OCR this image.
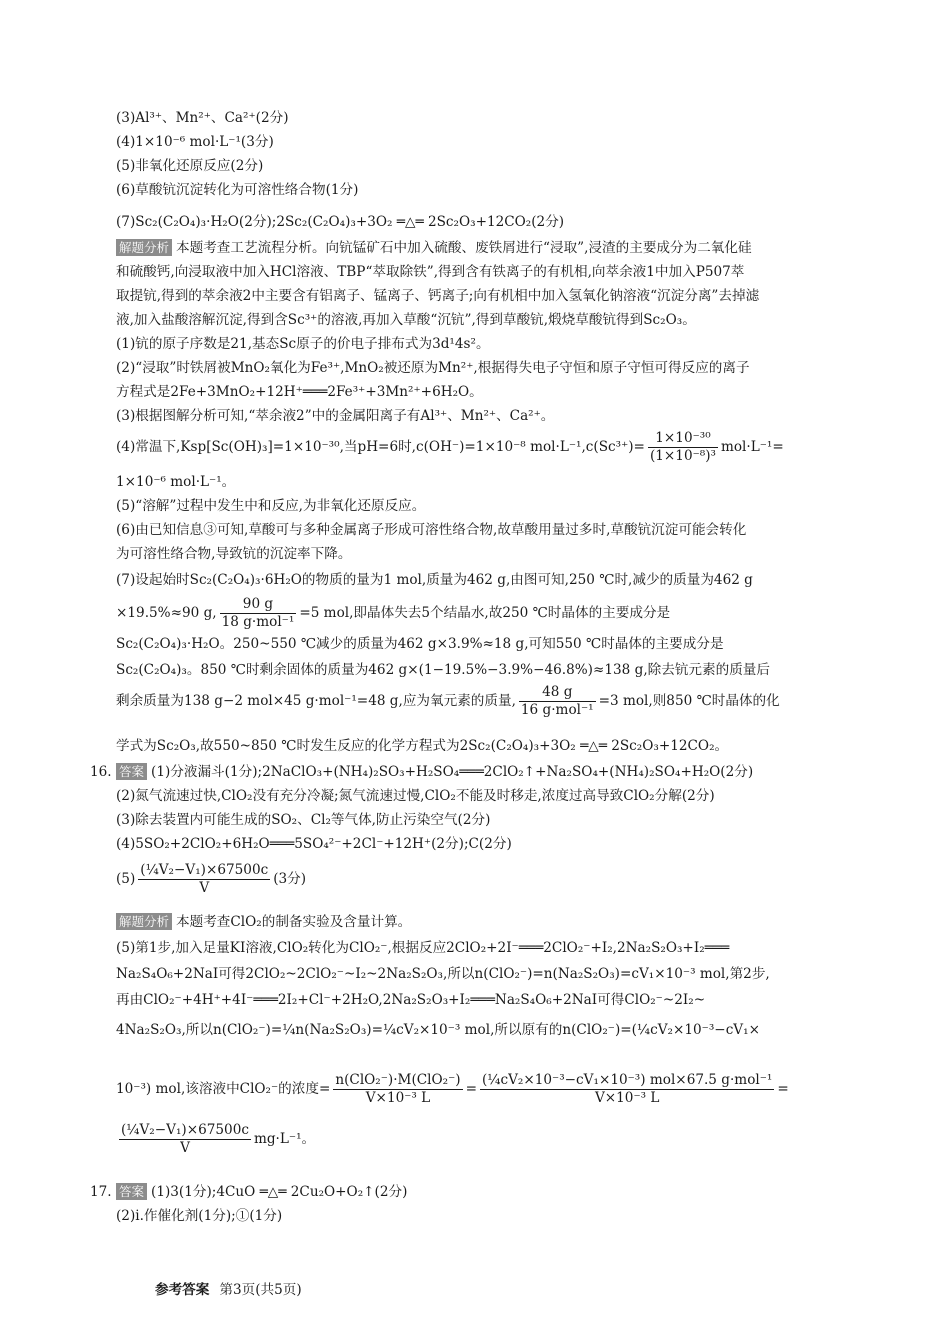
(3)Al³⁺、Mn²⁺、Ca²⁺(2分)
(4)1×10⁻⁶ mol·L⁻¹(3分)
(5)非氧化还原反应(2分)
(6)草酸钪沉淀转化为可溶性络合物(1分)
(7)Sc₂(C₂O₄)₃·H₂O(2分);2Sc₂(C₂O₄)₃+3O₂ ═△═ 2Sc₂O₃+12CO₂(2分)
解题分析 本题考查工艺流程分析。向钪锰矿石中加入硫酸、废铁屑进行“浸取”,浸渣的主要成分为二氧化硅
和硫酸钙,向浸取液中加入HCl溶液、TBP“萃取除铁”,得到含有铁离子的有机相,向萃余液1中加入P507萃
取提钪,得到的萃余液2中主要含有铝离子、锰离子、钙离子;向有机相中加入氢氧化钠溶液“沉淀分离”去掉滤
液,加入盐酸溶解沉淀,得到含Sc³⁺的溶液,再加入草酸“沉钪”,得到草酸钪,煅烧草酸钪得到Sc₂O₃。
(1)钪的原子序数是21,基态Sc原子的价电子排布式为3d¹4s²。
(2)“浸取”时铁屑被MnO₂氧化为Fe³⁺,MnO₂被还原为Mn²⁺,根据得失电子守恒和原子守恒可得反应的离子
方程式是2Fe+3MnO₂+12H⁺═══2Fe³⁺+3Mn²⁺+6H₂O。
(3)根据图解分析可知,“萃余液2”中的金属阳离子有Al³⁺、Mn²⁺、Ca²⁺。
(4)常温下,Ksp[Sc(OH)₃]=1×10⁻³⁰,当pH=6时,c(OH⁻)=1×10⁻⁸ $mol\cdot L^{-1},c(Sc^{3+})= \frac{\text{1×10⁻³⁰}}{\text{(1×10⁻⁸)³}} mol\cdot L^{-1}=$
1×10⁻⁶ mol·L⁻¹。
(5)“溶解”过程中发生中和反应,为非氧化还原反应。
(6)由已知信息③可知,草酸可与多种金属离子形成可溶性络合物,故草酸用量过多时,草酸钪沉淀可能会转化
为可溶性络合物,导致钪的沉淀率下降。
(7)设起始时Sc₂(C₂O₄)₃·6H₂O的物质的量为1 mol,质量为462 g,由图可知,250 ℃时,减少的质量为462 g
×19.5%≈90 g, $\frac{90 g}{\text{18 g·mol⁻¹}} =5$ mol,即晶体失去5个结晶水,故250 ℃时晶体的主要成分是
Sc₂(C₂O₄)₃·H₂O。250~550 ℃减少的质量为462 g×3.9%≈18 g,可知550 ℃时晶体的主要成分是
Sc₂(C₂O₄)₃。850 ℃时剩余固体的质量为462 g×(1−19.5%−3.9%−46.8%)≈138 g,除去钪元素的质量后
剩余质量为138 g−2 mol×45 g·mol⁻¹=48 g,应为氧元素的质量, $\frac{48 g}{\text{16 g·mol⁻¹}} =3$ mol,则850 ℃时晶体的化
学式为Sc₂O₃,故550~850 ℃时发生反应的化学方程式为2Sc₂(C₂O₄)₃+3O₂ ═△═ 2Sc₂O₃+12CO₂。
16. 答案 (1)分液漏斗(1分);2NaClO₃+(NH₄)₂SO₃+H₂SO₄═══2ClO₂↑+Na₂SO₄+(NH₄)₂SO₄+H₂O(2分)
(2)氮气流速过快,ClO₂没有充分冷凝;氮气流速过慢,ClO₂不能及时移走,浓度过高导致ClO₂分解(2分)
(3)除去装置内可能生成的SO₂、Cl₂等气体,防止污染空气(2分)
(4)5SO₂+2ClO₂+6H₂O═══5SO₄²⁻+2Cl⁻+12H⁺(2分);C(2分)
$(5) \frac{\text{(¼V₂−V₁)×67500c}}{V} (3$分)
解题分析 本题考查ClO₂的制备实验及含量计算。
(5)第1步,加入足量KI溶液,ClO₂转化为ClO₂⁻,根据反应2ClO₂+2I⁻═══2ClO₂⁻+I₂,2Na₂S₂O₃+I₂═══
Na₂S₄O₆+2NaI可得2ClO₂~2ClO₂⁻~I₂~2Na₂S₂O₃,所以n(ClO₂⁻)=n(Na₂S₂O₃)=cV₁×10⁻³ mol,第2步,
再由ClO₂⁻+4H⁺+4I⁻═══2I₂+Cl⁻+2H₂O,2Na₂S₂O₃+I₂═══Na₂S₄O₆+2NaI可得ClO₂⁻~2I₂~
4Na₂S₂O₃,所以n(ClO₂⁻)=¼n(Na₂S₂O₃)=¼cV₂×10⁻³ mol,所以原有的n(ClO₂⁻)=(¼cV₂×10⁻³−cV₁×
10⁻³) mol,该溶液中ClO₂⁻的浓度= $\frac{\text{n(ClO₂⁻)·M(ClO₂⁻)}}{\text{V×10⁻³ L}} = \frac{\text{(¼cV₂×10⁻³−cV₁×10⁻³) mol×67.5 g·mol⁻¹}}{\text{V×10⁻³ L}}$ =
$\frac{\text{(¼V₂−V₁)×67500c}}{V} mg\cdot L^{-1}$。
17. 答案 (1)3(1分);4CuO ═△═ 2Cu₂O+O₂↑(2分)
(2)ⅰ.作催化剂(1分);①(1分)
参考答案 第3页(共5页)
